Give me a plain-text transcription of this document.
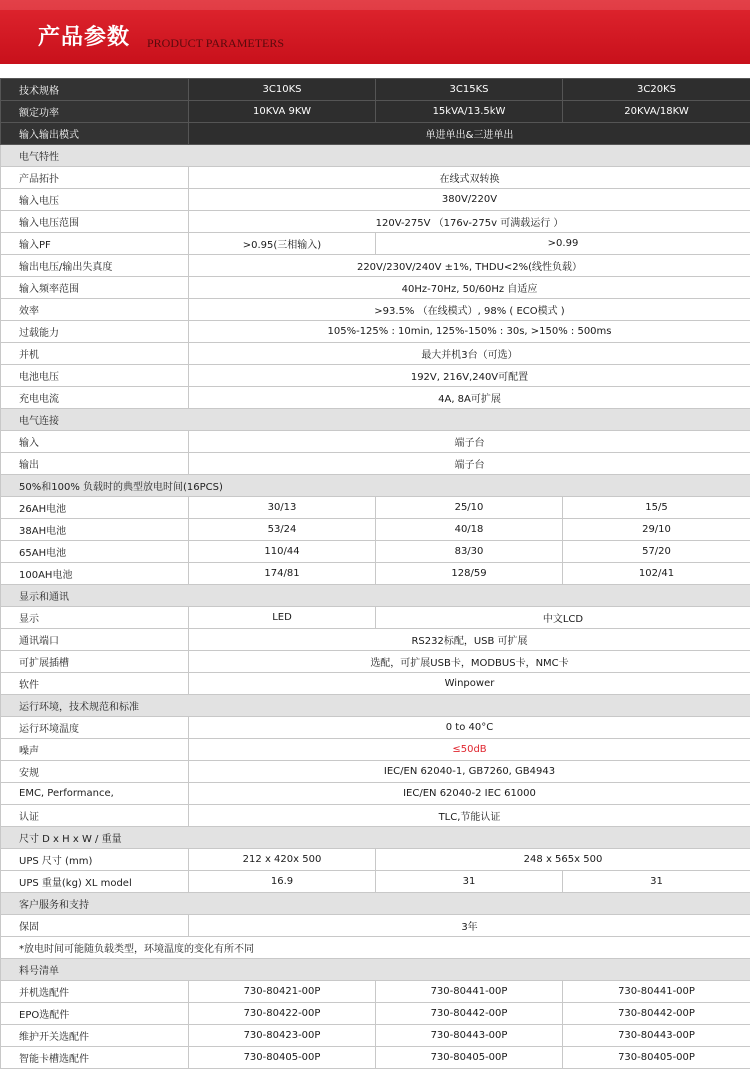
产品参数 PRODUCT PARAMETERS
技术规格	3C10KS	3C15KS	3C20KS
额定功率	10KVA 9KW	15kVA/13.5kW	20KVA/18KW
输入输出模式	单进单出&三进单出		
电气特性			
产品拓扑	在线式双转换		
输入电压	380V/220V		
输入电压范围	120V-275V （176v-275v 可满载运行 ）		
输入PF	>0.95(三相输入)	>0.99	
输出电压/输出失真度	220V/230V/240V ±1%, THDU<2%(线性负载）		
输入频率范围	40Hz-70Hz, 50/60Hz 自适应		
效率	>93.5% （在线模式）, 98% ( ECO模式 )		
过载能力	105%-125% : 10min, 125%-150% : 30s, >150% : 500ms		
并机	最大并机3台（可选）		
电池电压	192V, 216V,240V可配置		
充电电流	4A, 8A可扩展		
电气连接			
输入	端子台		
输出	端子台		
50%和100% 负载时的典型放电时间(16PCS)			
26AH电池	30/13	25/10	15/5
38AH电池	53/24	40/18	29/10
65AH电池	110/44	83/30	57/20
100AH电池	174/81	128/59	102/41
显示和通讯			
显示	LED	中文LCD	
通讯端口	RS232标配，USB 可扩展		
可扩展插槽	选配，可扩展USB卡，MODBUS卡，NMC卡		
软件	Winpower		
运行环境，技术规范和标准			
运行环境温度	0 to 40°C		
噪声	≤50dB		
安规	IEC/EN 62040-1, GB7260, GB4943		
EMC, Performance,	IEC/EN 62040-2 IEC 61000		
认证	TLC,节能认证		
尺寸 D x H x W / 重量			
UPS 尺寸 (mm)	212 x 420x 500	248 x 565x 500	
UPS 重量(kg) XL model	16.9	31	31
客户服务和支持			
保固	3年		
*放电时间可能随负载类型，环境温度的变化有所不同			
料号清单			
并机选配件	730-80421-00P	730-80441-00P	730-80441-00P
EPO选配件	730-80422-00P	730-80442-00P	730-80442-00P
维护开关选配件	730-80423-00P	730-80443-00P	730-80443-00P
智能卡槽选配件	730-80405-00P	730-80405-00P	730-80405-00P
